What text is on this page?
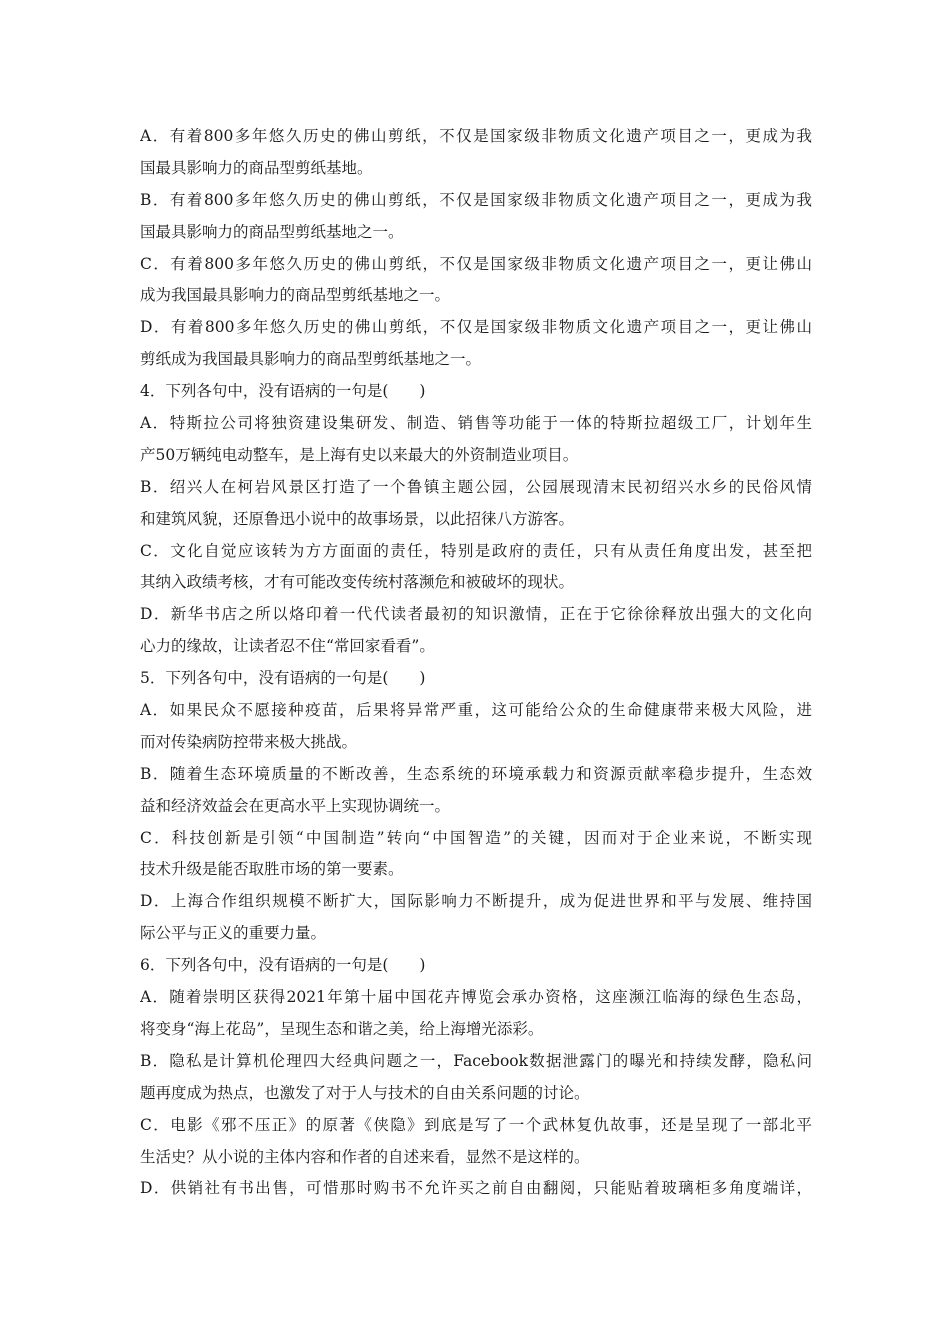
A．有着800多年悠久历史的佛山剪纸，不仅是国家级非物质文化遗产项目之一，更成为我
国最具影响力的商品型剪纸基地。
B．有着800多年悠久历史的佛山剪纸，不仅是国家级非物质文化遗产项目之一，更成为我
国最具影响力的商品型剪纸基地之一。
C．有着800多年悠久历史的佛山剪纸，不仅是国家级非物质文化遗产项目之一，更让佛山
成为我国最具影响力的商品型剪纸基地之一。
D．有着800多年悠久历史的佛山剪纸，不仅是国家级非物质文化遗产项目之一，更让佛山
剪纸成为我国最具影响力的商品型剪纸基地之一。
4．下列各句中，没有语病的一句是(　　)
A．特斯拉公司将独资建设集研发、制造、销售等功能于一体的特斯拉超级工厂，计划年生
产50万辆纯电动整车，是上海有史以来最大的外资制造业项目。
B．绍兴人在柯岩风景区打造了一个鲁镇主题公园，公园展现清末民初绍兴水乡的民俗风情
和建筑风貌，还原鲁迅小说中的故事场景，以此招徕八方游客。
C．文化自觉应该转为方方面面的责任，特别是政府的责任，只有从责任角度出发，甚至把
其纳入政绩考核，才有可能改变传统村落濒危和被破坏的现状。
D．新华书店之所以烙印着一代代读者最初的知识激情，正在于它徐徐释放出强大的文化向
心力的缘故，让读者忍不住“常回家看看”。
5．下列各句中，没有语病的一句是(　　)
A．如果民众不愿接种疫苗，后果将异常严重，这可能给公众的生命健康带来极大风险，进
而对传染病防控带来极大挑战。
B．随着生态环境质量的不断改善，生态系统的环境承载力和资源贡献率稳步提升，生态效
益和经济效益会在更高水平上实现协调统一。
C．科技创新是引领“中国制造”转向“中国智造”的关键，因而对于企业来说，不断实现
技术升级是能否取胜市场的第一要素。
D．上海合作组织规模不断扩大，国际影响力不断提升，成为促进世界和平与发展、维持国
际公平与正义的重要力量。
6．下列各句中，没有语病的一句是(　　)
A．随着崇明区获得2021年第十届中国花卉博览会承办资格，这座濒江临海的绿色生态岛，
将变身“海上花岛”，呈现生态和谐之美，给上海增光添彩。
B．隐私是计算机伦理四大经典问题之一，Facebook数据泄露门的曝光和持续发酵，隐私问
题再度成为热点，也激发了对于人与技术的自由关系问题的讨论。
C．电影《邪不压正》的原著《侠隐》到底是写了一个武林复仇故事，还是呈现了一部北平
生活史？从小说的主体内容和作者的自述来看，显然不是这样的。
D．供销社有书出售，可惜那时购书不允许买之前自由翻阅，只能贴着玻璃柜多角度端详，
